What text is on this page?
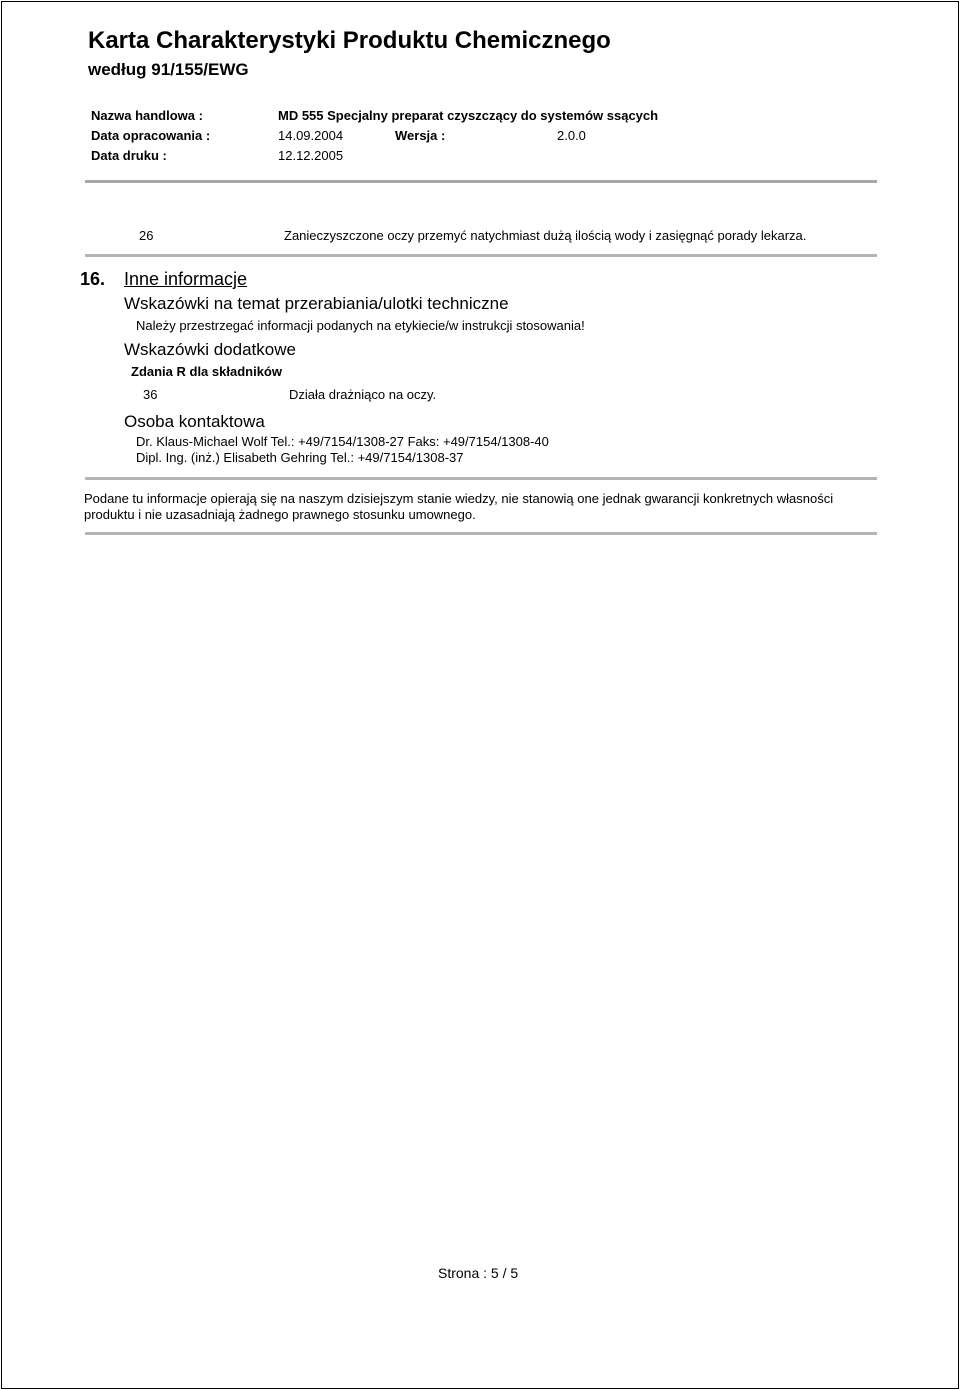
Karta Charakterystyki Produktu Chemicznego
według 91/155/EWG
Nazwa handlowa :	MD 555 Specjalny preparat czyszczący do systemów ssących
Data opracowania :	14.09.2004	Wersja :	2.0.0
Data druku :	12.12.2005
26	Zanieczyszczone oczy przemyć natychmiast dużą ilością wody i zasięgnąć porady lekarza.
16. Inne informacje
Wskazówki na temat przerabiania/ulotki techniczne
Należy przestrzegać informacji podanych na etykiecie/w instrukcji stosowania!
Wskazówki dodatkowe
Zdania R dla składników
36	Działa drażniąco na oczy.
Osoba kontaktowa
Dr. Klaus-Michael Wolf Tel.: +49/7154/1308-27 Faks: +49/7154/1308-40
Dipl. Ing. (inż.) Elisabeth Gehring Tel.: +49/7154/1308-37
Podane tu informacje opierają się na naszym dzisiejszym stanie wiedzy, nie stanowią one jednak gwarancji konkretnych własności
produktu i nie uzasadniają żadnego prawnego stosunku umownego.
Strona : 5 / 5
